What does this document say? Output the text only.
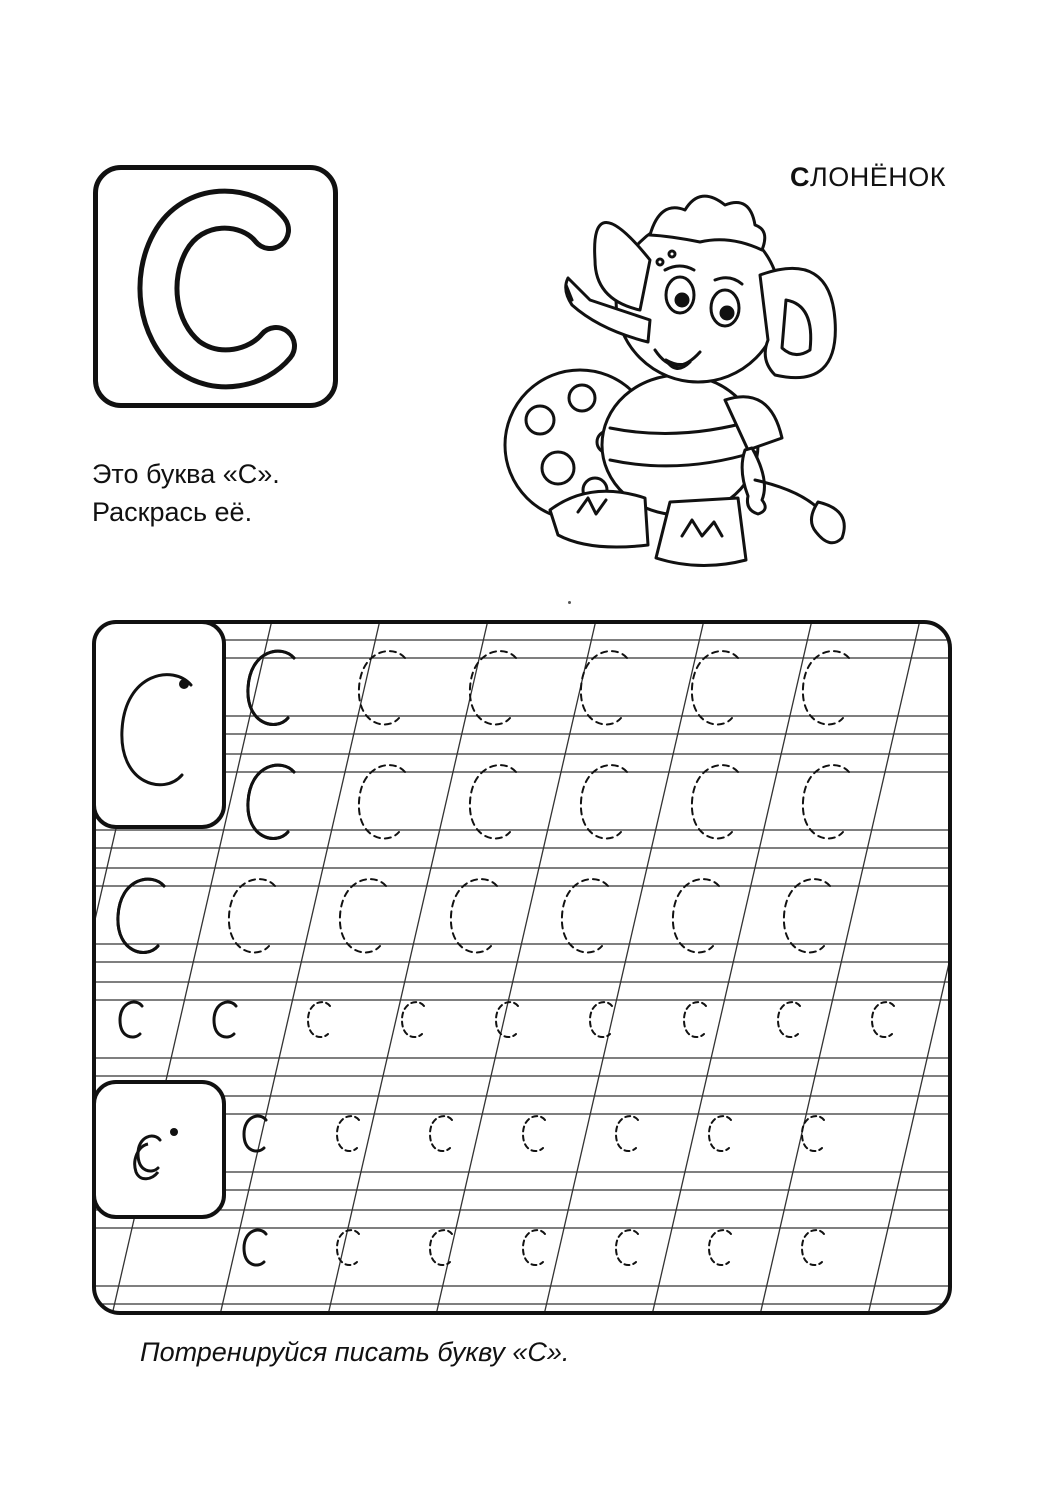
Это буква «С».
Раскрась её.
СЛОНЁНОК
Потренируйся писать букву «С».
